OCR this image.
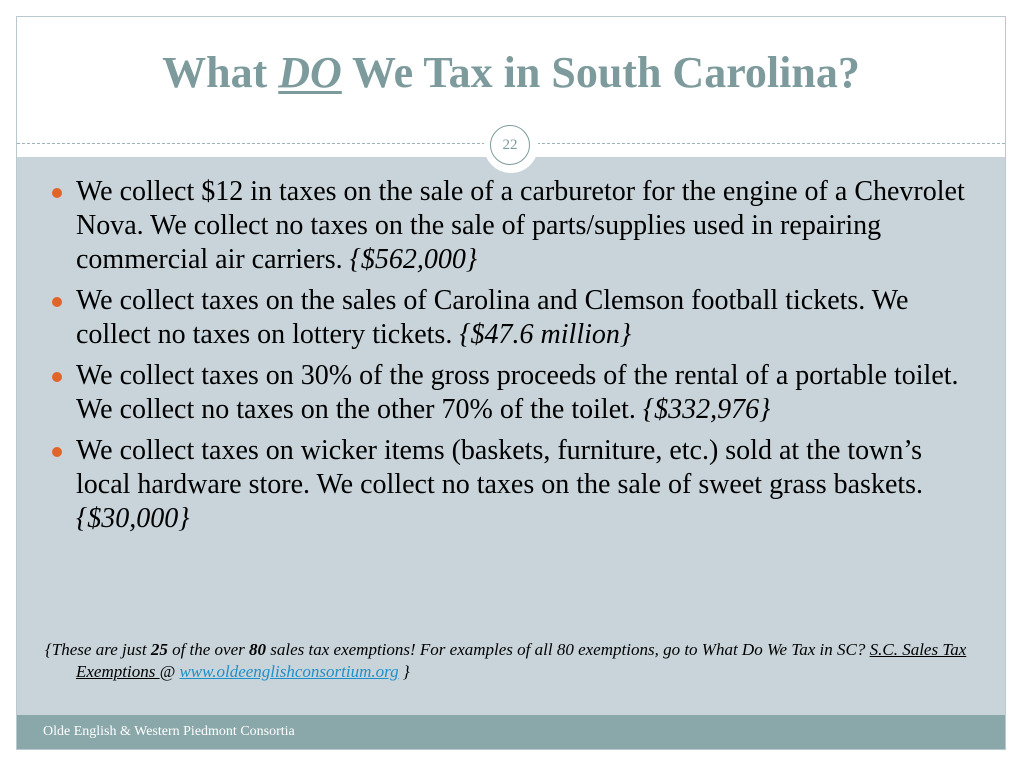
What DO We Tax in South Carolina?
22
We collect $12 in taxes on the sale of a carburetor for the engine of a Chevrolet Nova. We collect no taxes on the sale of parts/supplies used in repairing commercial air carriers. {$562,000}
We collect taxes on the sales of Carolina and Clemson football tickets. We collect no taxes on lottery tickets. {$47.6 million}
We collect taxes on 30% of the gross proceeds of the rental of a portable toilet. We collect no taxes on the other 70% of the toilet. {$332,976}
We collect taxes on wicker items (baskets, furniture, etc.) sold at the town’s local hardware store. We collect no taxes on the sale of sweet grass baskets. {$30,000}
{These are just 25 of the over 80 sales tax exemptions! For examples of all 80 exemptions, go to What Do We Tax in SC? S.C. Sales Tax Exemptions @ www.oldeenglishconsortium.org }
Olde English & Western Piedmont Consortia
